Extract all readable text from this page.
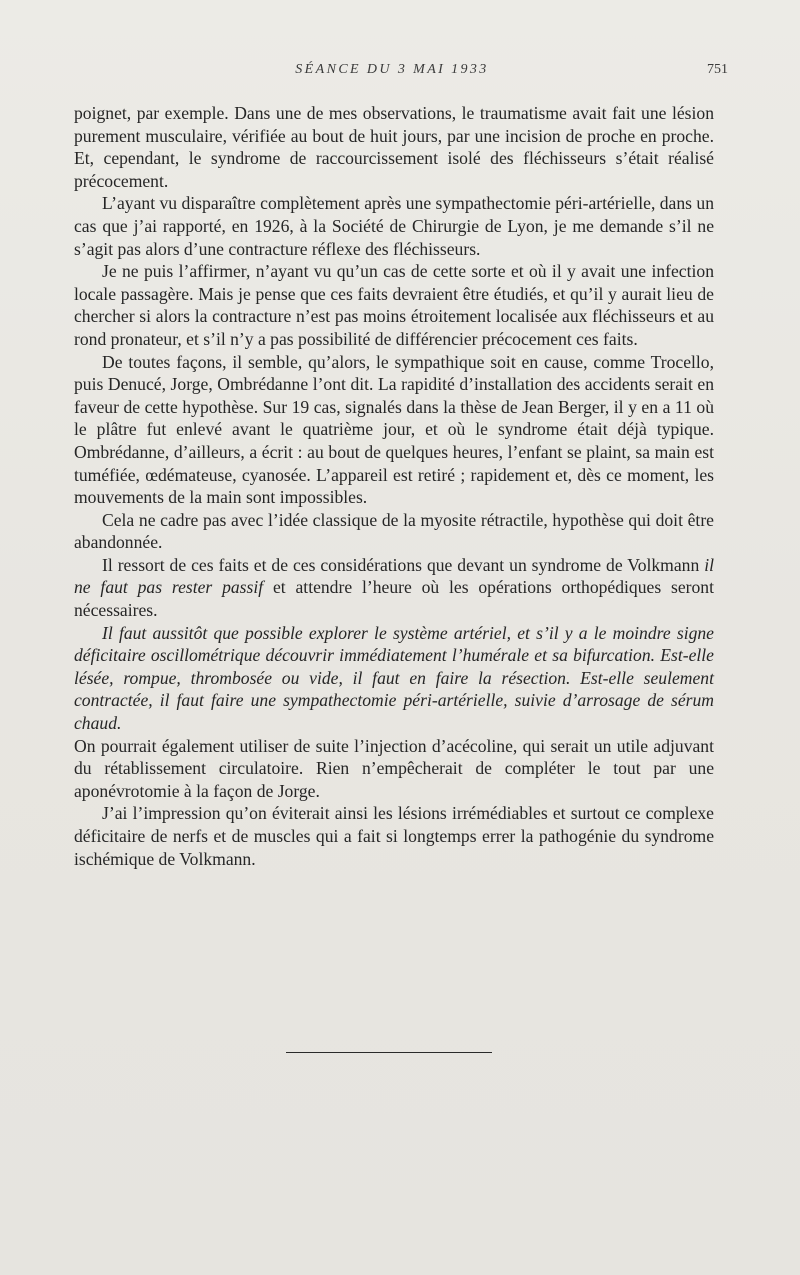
SÉANCE DU 3 MAI 1933	751

poignet, par exemple. Dans une de mes observations, le traumatisme avait fait une lésion purement musculaire, vérifiée au bout de huit jours, par une incision de proche en proche. Et, cependant, le syndrome de raccourcissement isolé des fléchisseurs s’était réalisé précocement.

L’ayant vu disparaître complètement après une sympathectomie péri-artérielle, dans un cas que j’ai rapporté, en 1926, à la Société de Chirurgie de Lyon, je me demande s’il ne s’agit pas alors d’une contracture réflexe des fléchisseurs.

Je ne puis l’affirmer, n’ayant vu qu’un cas de cette sorte et où il y avait une infection locale passagère. Mais je pense que ces faits devraient être étudiés, et qu’il y aurait lieu de chercher si alors la contracture n’est pas moins étroitement localisée aux fléchisseurs et au rond pronateur, et s’il n’y a pas possibilité de différencier précocement ces faits.

De toutes façons, il semble, qu’alors, le sympathique soit en cause, comme Trocello, puis Denucé, Jorge, Ombrédanne l’ont dit. La rapidité d’installation des accidents serait en faveur de cette hypothèse. Sur 19 cas, signalés dans la thèse de Jean Berger, il y en a 11 où le plâtre fut enlevé avant le quatrième jour, et où le syndrome était déjà typique. Ombrédanne, d’ailleurs, a écrit : au bout de quelques heures, l’enfant se plaint, sa main est tuméfiée, œdémateuse, cyanosée. L’appareil est retiré ; rapidement et, dès ce moment, les mouvements de la main sont impossibles.

Cela ne cadre pas avec l’idée classique de la myosite rétractile, hypothèse qui doit être abandonnée.

Il ressort de ces faits et de ces considérations que devant un syndrome de Volkmann il ne faut pas rester passif et attendre l’heure où les opérations orthopédiques seront nécessaires.

Il faut aussitôt que possible explorer le système artériel, et s’il y a le moindre signe déficitaire oscillométrique découvrir immédiatement l’humérale et sa bifurcation. Est-elle lésée, rompue, thrombosée ou vide, il faut en faire la résection. Est-elle seulement contractée, il faut faire une sympathectomie péri-artérielle, suivie d’arrosage de sérum chaud.

On pourrait également utiliser de suite l’injection d’acécoline, qui serait un utile adjuvant du rétablissement circulatoire. Rien n’empêcherait de compléter le tout par une aponévrotomie à la façon de Jorge.

J’ai l’impression qu’on éviterait ainsi les lésions irrémédiables et surtout ce complexe déficitaire de nerfs et de muscles qui a fait si longtemps errer la pathogénie du syndrome ischémique de Volkmann.
